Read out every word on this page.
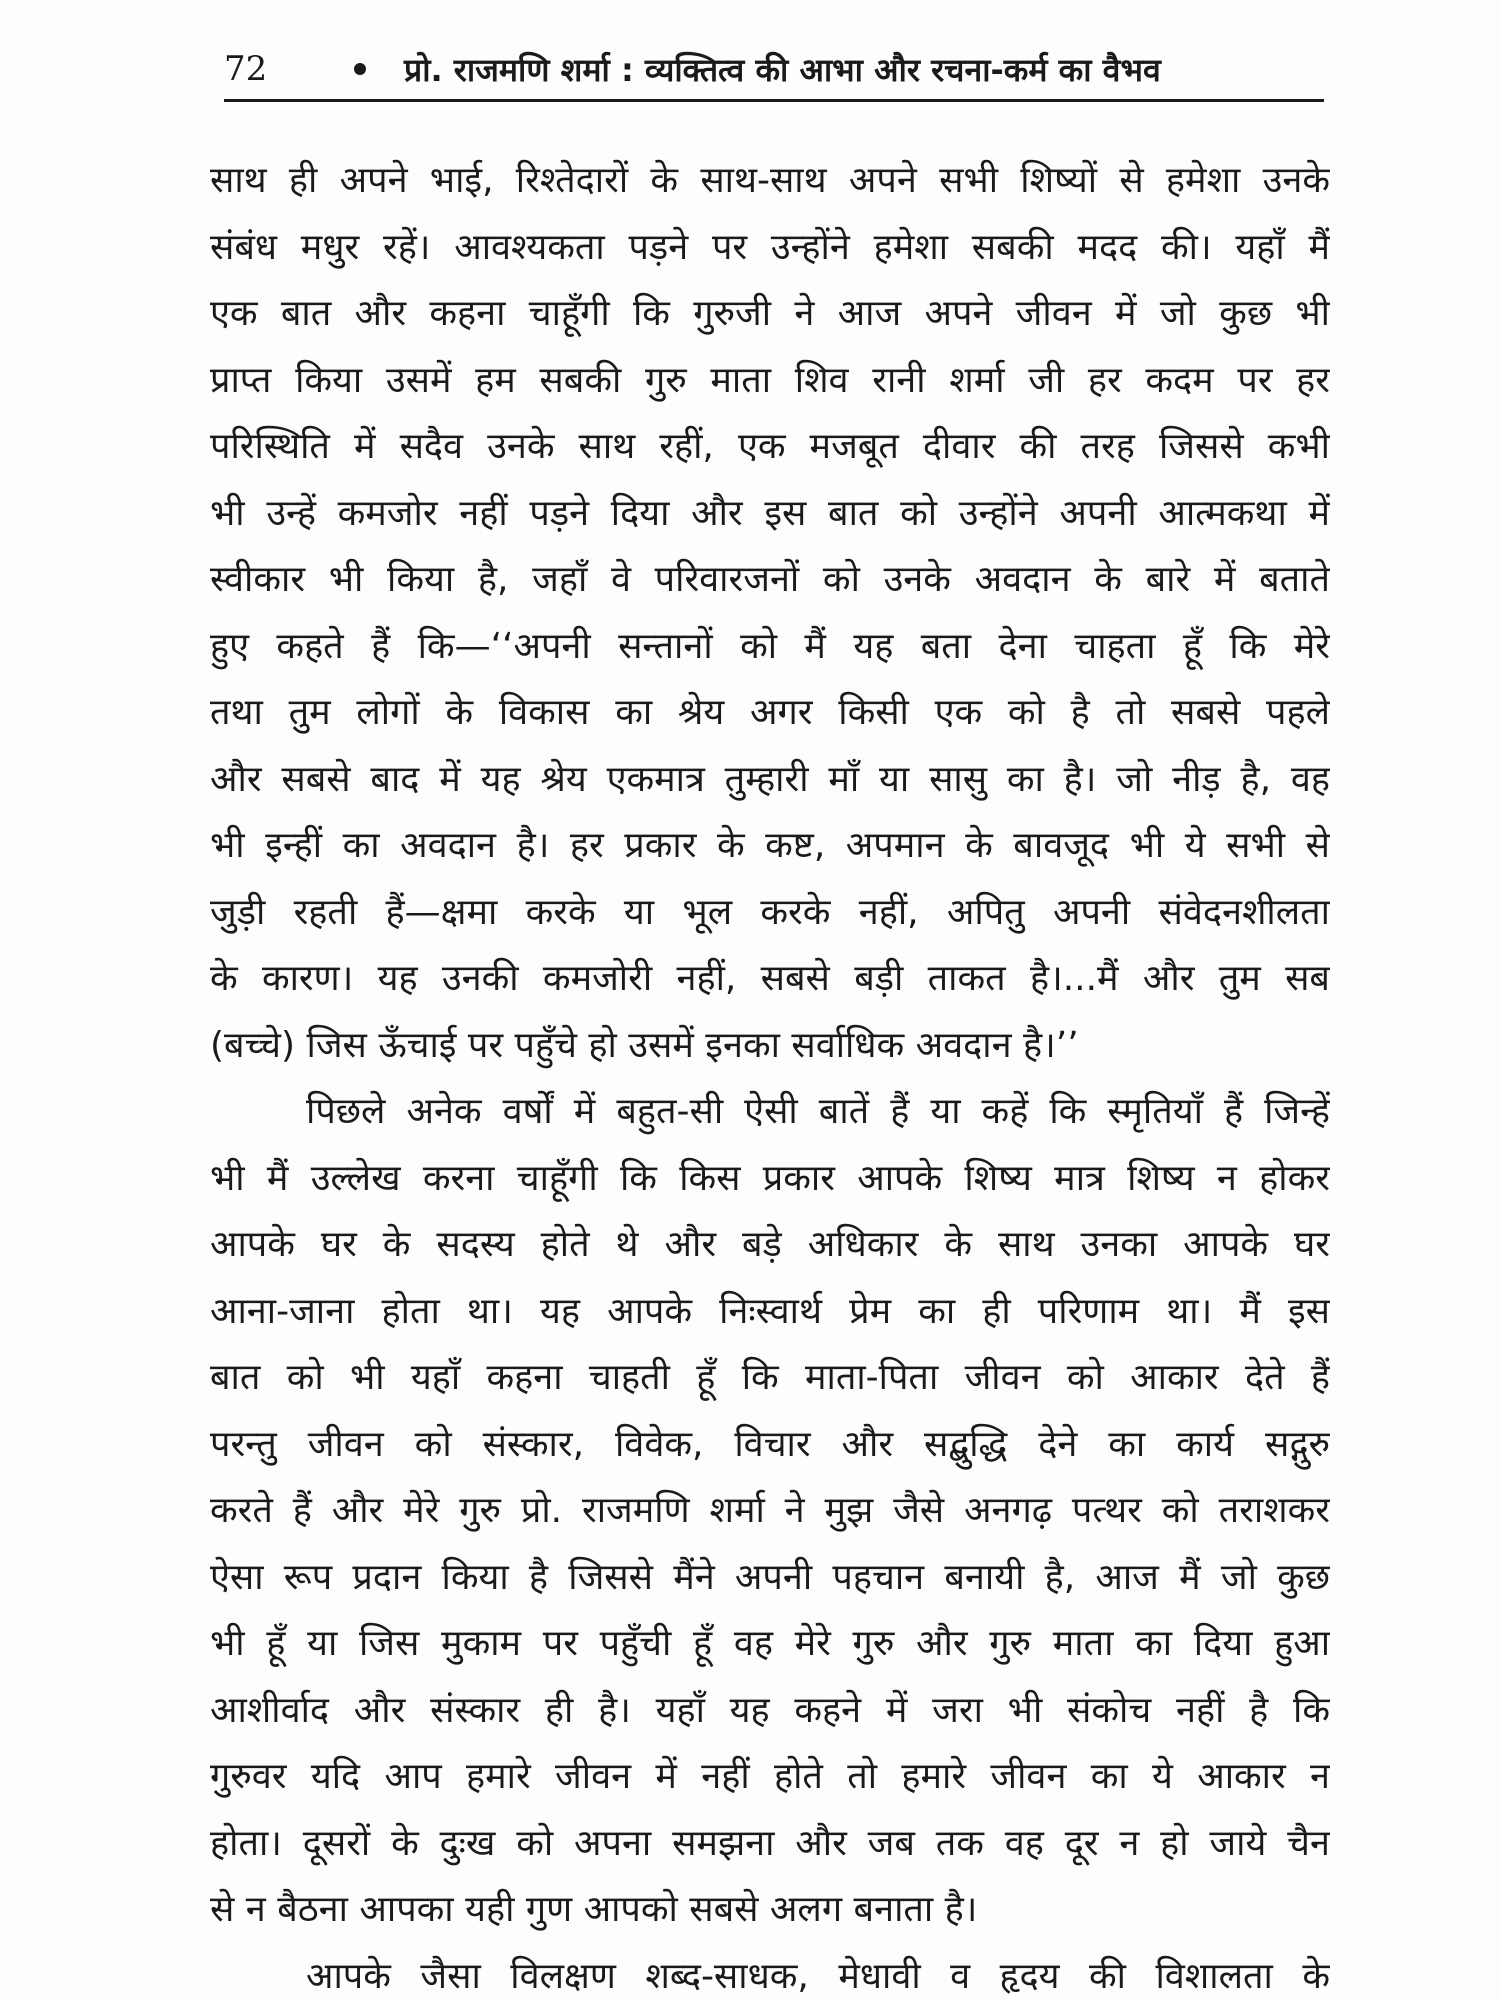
72	प्रो. राजमणि शर्मा : व्यक्तित्व की आभा और रचना-कर्म का वैभव
साथ ही अपने भाई, रिश्तेदारों के साथ-साथ अपने सभी शिष्यों से हमेशा उनके
संबंध मधुर रहें। आवश्यकता पड़ने पर उन्होंने हमेशा सबकी मदद की। यहाँ मैं
एक बात और कहना चाहूँगी कि गुरुजी ने आज अपने जीवन में जो कुछ भी
प्राप्त किया उसमें हम सबकी गुरु माता शिव रानी शर्मा जी हर कदम पर हर
परिस्थिति में सदैव उनके साथ रहीं, एक मजबूत दीवार की तरह जिससे कभी
भी उन्हें कमजोर नहीं पड़ने दिया और इस बात को उन्होंने अपनी आत्मकथा में
स्वीकार भी किया है, जहाँ वे परिवारजनों को उनके अवदान के बारे में बताते
हुए कहते हैं कि—‘‘अपनी सन्तानों को मैं यह बता देना चाहता हूँ कि मेरे
तथा तुम लोगों के विकास का श्रेय अगर किसी एक को है तो सबसे पहले
और सबसे बाद में यह श्रेय एकमात्र तुम्हारी माँ या सासु का है। जो नीड़ है, वह
भी इन्हीं का अवदान है। हर प्रकार के कष्ट, अपमान के बावजूद भी ये सभी से
जुड़ी रहती हैं—क्षमा करके या भूल करके नहीं, अपितु अपनी संवेदनशीलता
के कारण। यह उनकी कमजोरी नहीं, सबसे बड़ी ताकत है।...मैं और तुम सब
(बच्चे) जिस ऊँचाई पर पहुँचे हो उसमें इनका सर्वाधिक अवदान है।’’
पिछले अनेक वर्षों में बहुत-सी ऐसी बातें हैं या कहें कि स्मृतियाँ हैं जिन्हें
भी मैं उल्लेख करना चाहूँगी कि किस प्रकार आपके शिष्य मात्र शिष्य न होकर
आपके घर के सदस्य होते थे और बड़े अधिकार के साथ उनका आपके घर
आना-जाना होता था। यह आपके निःस्वार्थ प्रेम का ही परिणाम था। मैं इस
बात को भी यहाँ कहना चाहती हूँ कि माता-पिता जीवन को आकार देते हैं
परन्तु जीवन को संस्कार, विवेक, विचार और सद्बुद्धि देने का कार्य सद्गुरु
करते हैं और मेरे गुरु प्रो. राजमणि शर्मा ने मुझ जैसे अनगढ़ पत्थर को तराशकर
ऐसा रूप प्रदान किया है जिससे मैंने अपनी पहचान बनायी है, आज मैं जो कुछ
भी हूँ या जिस मुकाम पर पहुँची हूँ वह मेरे गुरु और गुरु माता का दिया हुआ
आशीर्वाद और संस्कार ही है। यहाँ यह कहने में जरा भी संकोच नहीं है कि
गुरुवर यदि आप हमारे जीवन में नहीं होते तो हमारे जीवन का ये आकार न
होता। दूसरों के दुःख को अपना समझना और जब तक वह दूर न हो जाये चैन
से न बैठना आपका यही गुण आपको सबसे अलग बनाता है।
आपके जैसा विलक्षण शब्द-साधक, मेधावी व हृदय की विशालता के
